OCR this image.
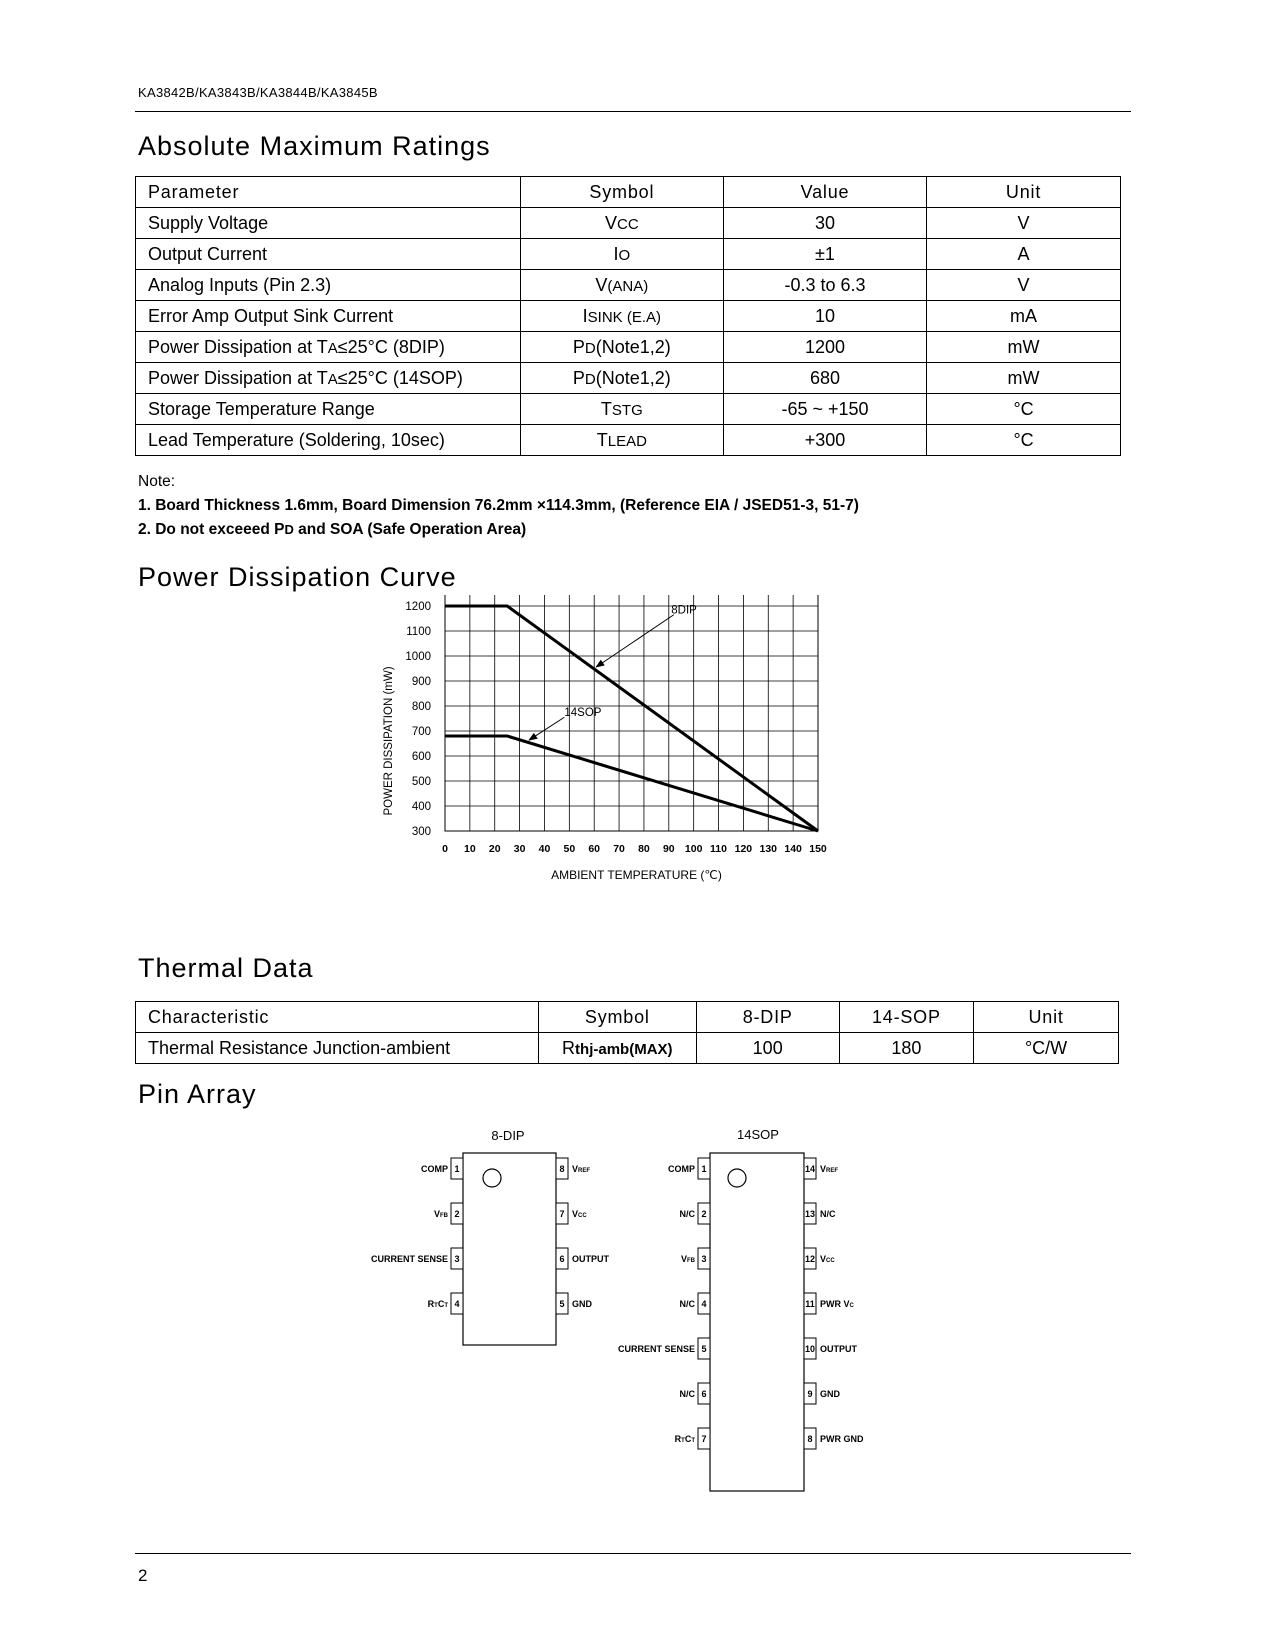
KA3842B/KA3843B/KA3844B/KA3845B
Absolute Maximum Ratings
Parameter	Symbol	Value	Unit
Supply Voltage	VCC	30	V
Output Current	IO	±1	A
Analog Inputs (Pin 2.3)	V(ANA)	-0.3 to 6.3	V
Error Amp Output Sink Current	ISINK (E.A)	10	mA
Power Dissipation at TA≤25°C (8DIP)	PD(Note1,2)	1200	mW
Power Dissipation at TA≤25°C (14SOP)	PD(Note1,2)	680	mW
Storage Temperature Range	TSTG	-65 ~ +150	°C
Lead Temperature (Soldering, 10sec)	TLEAD	+300	°C
Note:
1. Board Thickness 1.6mm, Board Dimension 76.2mm ×114.3mm, (Reference EIA / JSED51-3, 51-7)
2. Do not exceeed PD and SOA (Safe Operation Area)
Power Dissipation Curve
0 10 20 30 40 50 60 70 80 90 100 110 120 130 140 150
300
400
500
600
700
800
900
1000
1100
1200	8DIP
14SOP
AMBIENT TEMPERATURE (℃)
POWER DISSIPATION (mW)
Thermal Data
Characteristic	Symbol	8-DIP	14-SOP	Unit
Thermal Resistance Junction-ambient	Rthj-amb(MAX)	100	180	°C/W
Pin Array
8-DIP	14SOP
1
COMP
2
VFB
3
CURRENT SENSE
4
RTCT
8 VREF
7 VCC
6 OUTPUT
5 GND
1
COMP
2
N/C
3
VFB
4
N/C
5
CURRENT SENSE
6
N/C
7
RTCT
14 VREF
13 N/C
12 VCC
11 PWR VC
10 OUTPUT
9 GND
8 PWR GND
2
